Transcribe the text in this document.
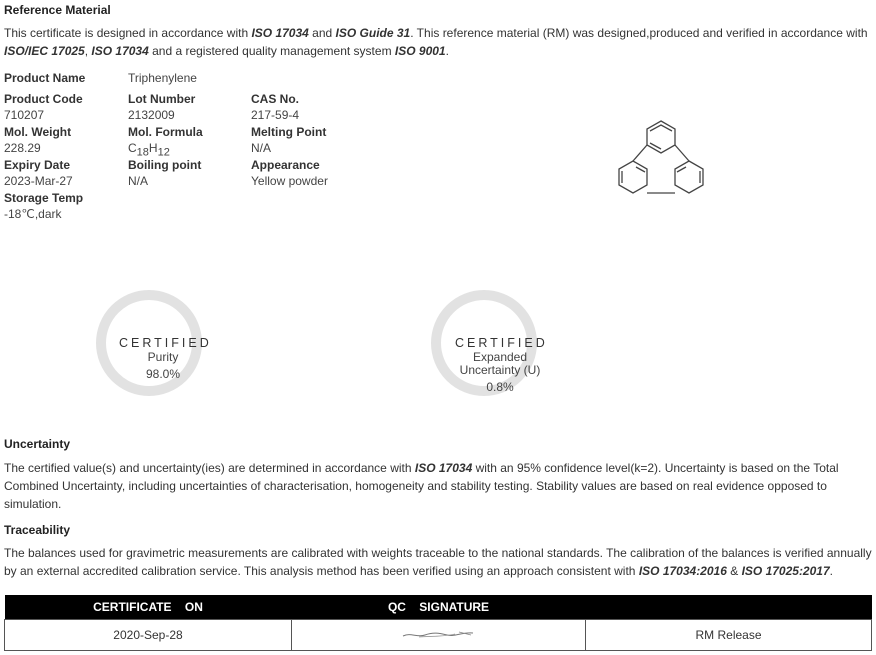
Reference Material
This certificate is designed in accordance with ISO 17034 and ISO Guide 31. This reference material (RM) was designed,produced and verified in accordance with ISO/IEC 17025, ISO 17034 and a registered quality management system ISO 9001.
Product Name	Triphenylene
Product Code
710207
Lot Number
2132009
CAS No.
217-59-4
Mol. Weight
228.29
Mol. Formula
$C_{18}H_{12}$
Melting Point
N/A
Expiry Date
2023-Mar-27
Boiling point
N/A
Appearance
Yellow powder
Storage Temp
-18℃,dark
CERTIFIED
Purity
98.0%
CERTIFIED
Expanded
Uncertainty (U)
0.8%
Uncertainty
The certified value(s) and uncertainty(ies) are determined in accordance with ISO 17034 with an 95% confidence level(k=2). Uncertainty is based on the Total Combined Uncertainty, including uncertainties of characterisation, homogeneity and stability testing. Stability values are based on real evidence opposed to simulation.
Traceability
The balances used for gravimetric measurements are calibrated with weights traceable to the national standards. The calibration of the balances is verified annually by an external accredited calibration service. This analysis method has been verified using an approach consistent with ISO 17034:2016 & ISO 17025:2017.
CERTIFICATE    ON	QC    SIGNATURE	
2020-Sep-28		RM Release
